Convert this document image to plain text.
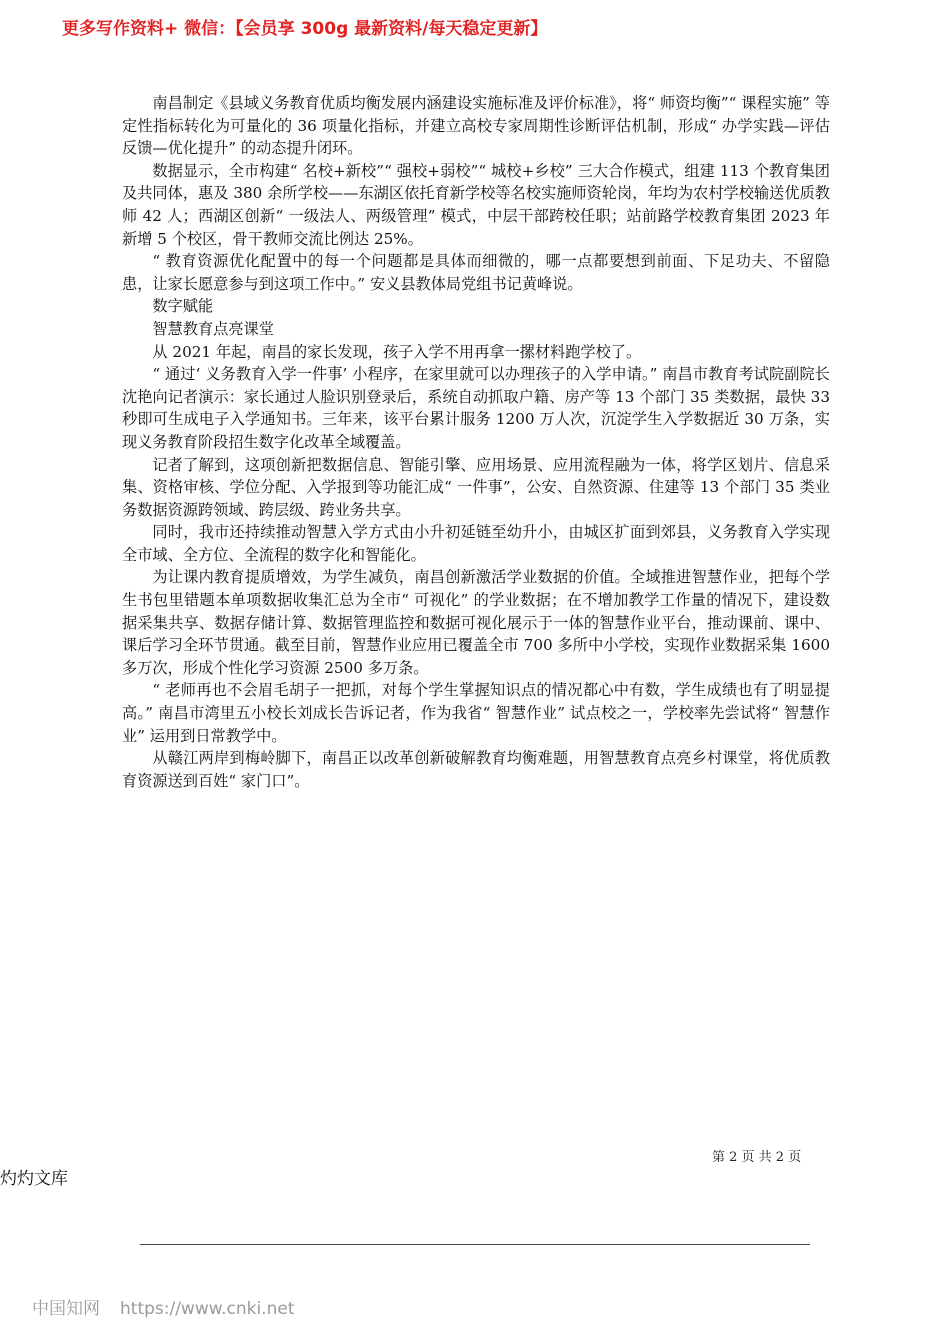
更多写作资料+ 微信：【会员享 300g 最新资料/每天稳定更新】

南昌制定《县域义务教育优质均衡发展内涵建设实施标准及评价标准》，将“ 师资均衡”“ 课程实施” 等定性指标转化为可量化的 36 项量化指标，并建立高校专家周期性诊断评估机制，形成“ 办学实践—评估反馈—优化提升” 的动态提升闭环。

数据显示，全市构建“ 名校+新校”“ 强校+弱校”“ 城校+乡校” 三大合作模式，组建 113 个教育集团及共同体，惠及 380 余所学校——东湖区依托育新学校等名校实施师资轮岗，年均为农村学校输送优质教师 42 人；西湖区创新“ 一级法人、两级管理” 模式，中层干部跨校任职；站前路学校教育集团 2023 年新增 5 个校区，骨干教师交流比例达 25%。

“ 教育资源优化配置中的每一个问题都是具体而细微的，哪一点都要想到前面、下足功夫、不留隐患，让家长愿意参与到这项工作中。” 安义县教体局党组书记黄峰说。

数字赋能

智慧教育点亮课堂

从 2021 年起，南昌的家长发现，孩子入学不用再拿一摞材料跑学校了。

“ 通过‘ 义务教育入学一件事’ 小程序，在家里就可以办理孩子的入学申请。” 南昌市教育考试院副院长沈艳向记者演示：家长通过人脸识别登录后，系统自动抓取户籍、房产等 13 个部门 35 类数据，最快 33 秒即可生成电子入学通知书。三年来，该平台累计服务 1200 万人次，沉淀学生入学数据近 30 万条，实现义务教育阶段招生数字化改革全域覆盖。

记者了解到，这项创新把数据信息、智能引擎、应用场景、应用流程融为一体，将学区划片、信息采集、资格审核、学位分配、入学报到等功能汇成“ 一件事”，公安、自然资源、住建等 13 个部门 35 类业务数据资源跨领域、跨层级、跨业务共享。

同时，我市还持续推动智慧入学方式由小升初延链至幼升小，由城区扩面到郊县，义务教育入学实现全市域、全方位、全流程的数字化和智能化。

为让课内教育提质增效，为学生减负，南昌创新激活学业数据的价值。全域推进智慧作业，把每个学生书包里错题本单项数据收集汇总为全市“ 可视化” 的学业数据；在不增加教学工作量的情况下，建设数据采集共享、数据存储计算、数据管理监控和数据可视化展示于一体的智慧作业平台，推动课前、课中、课后学习全环节贯通。截至目前，智慧作业应用已覆盖全市 700 多所中小学校，实现作业数据采集 1600 多万次，形成个性化学习资源 2500 多万条。

“ 老师再也不会眉毛胡子一把抓，对每个学生掌握知识点的情况都心中有数，学生成绩也有了明显提高。” 南昌市湾里五小校长刘成长告诉记者，作为我省“ 智慧作业” 试点校之一，学校率先尝试将“ 智慧作业” 运用到日常教学中。

从赣江两岸到梅岭脚下，南昌正以改革创新破解教育均衡难题，用智慧教育点亮乡村课堂，将优质教育资源送到百姓“ 家门口”。

第 2 页 共 2 页
灼灼文库
中国知网 https://www.cnki.net
